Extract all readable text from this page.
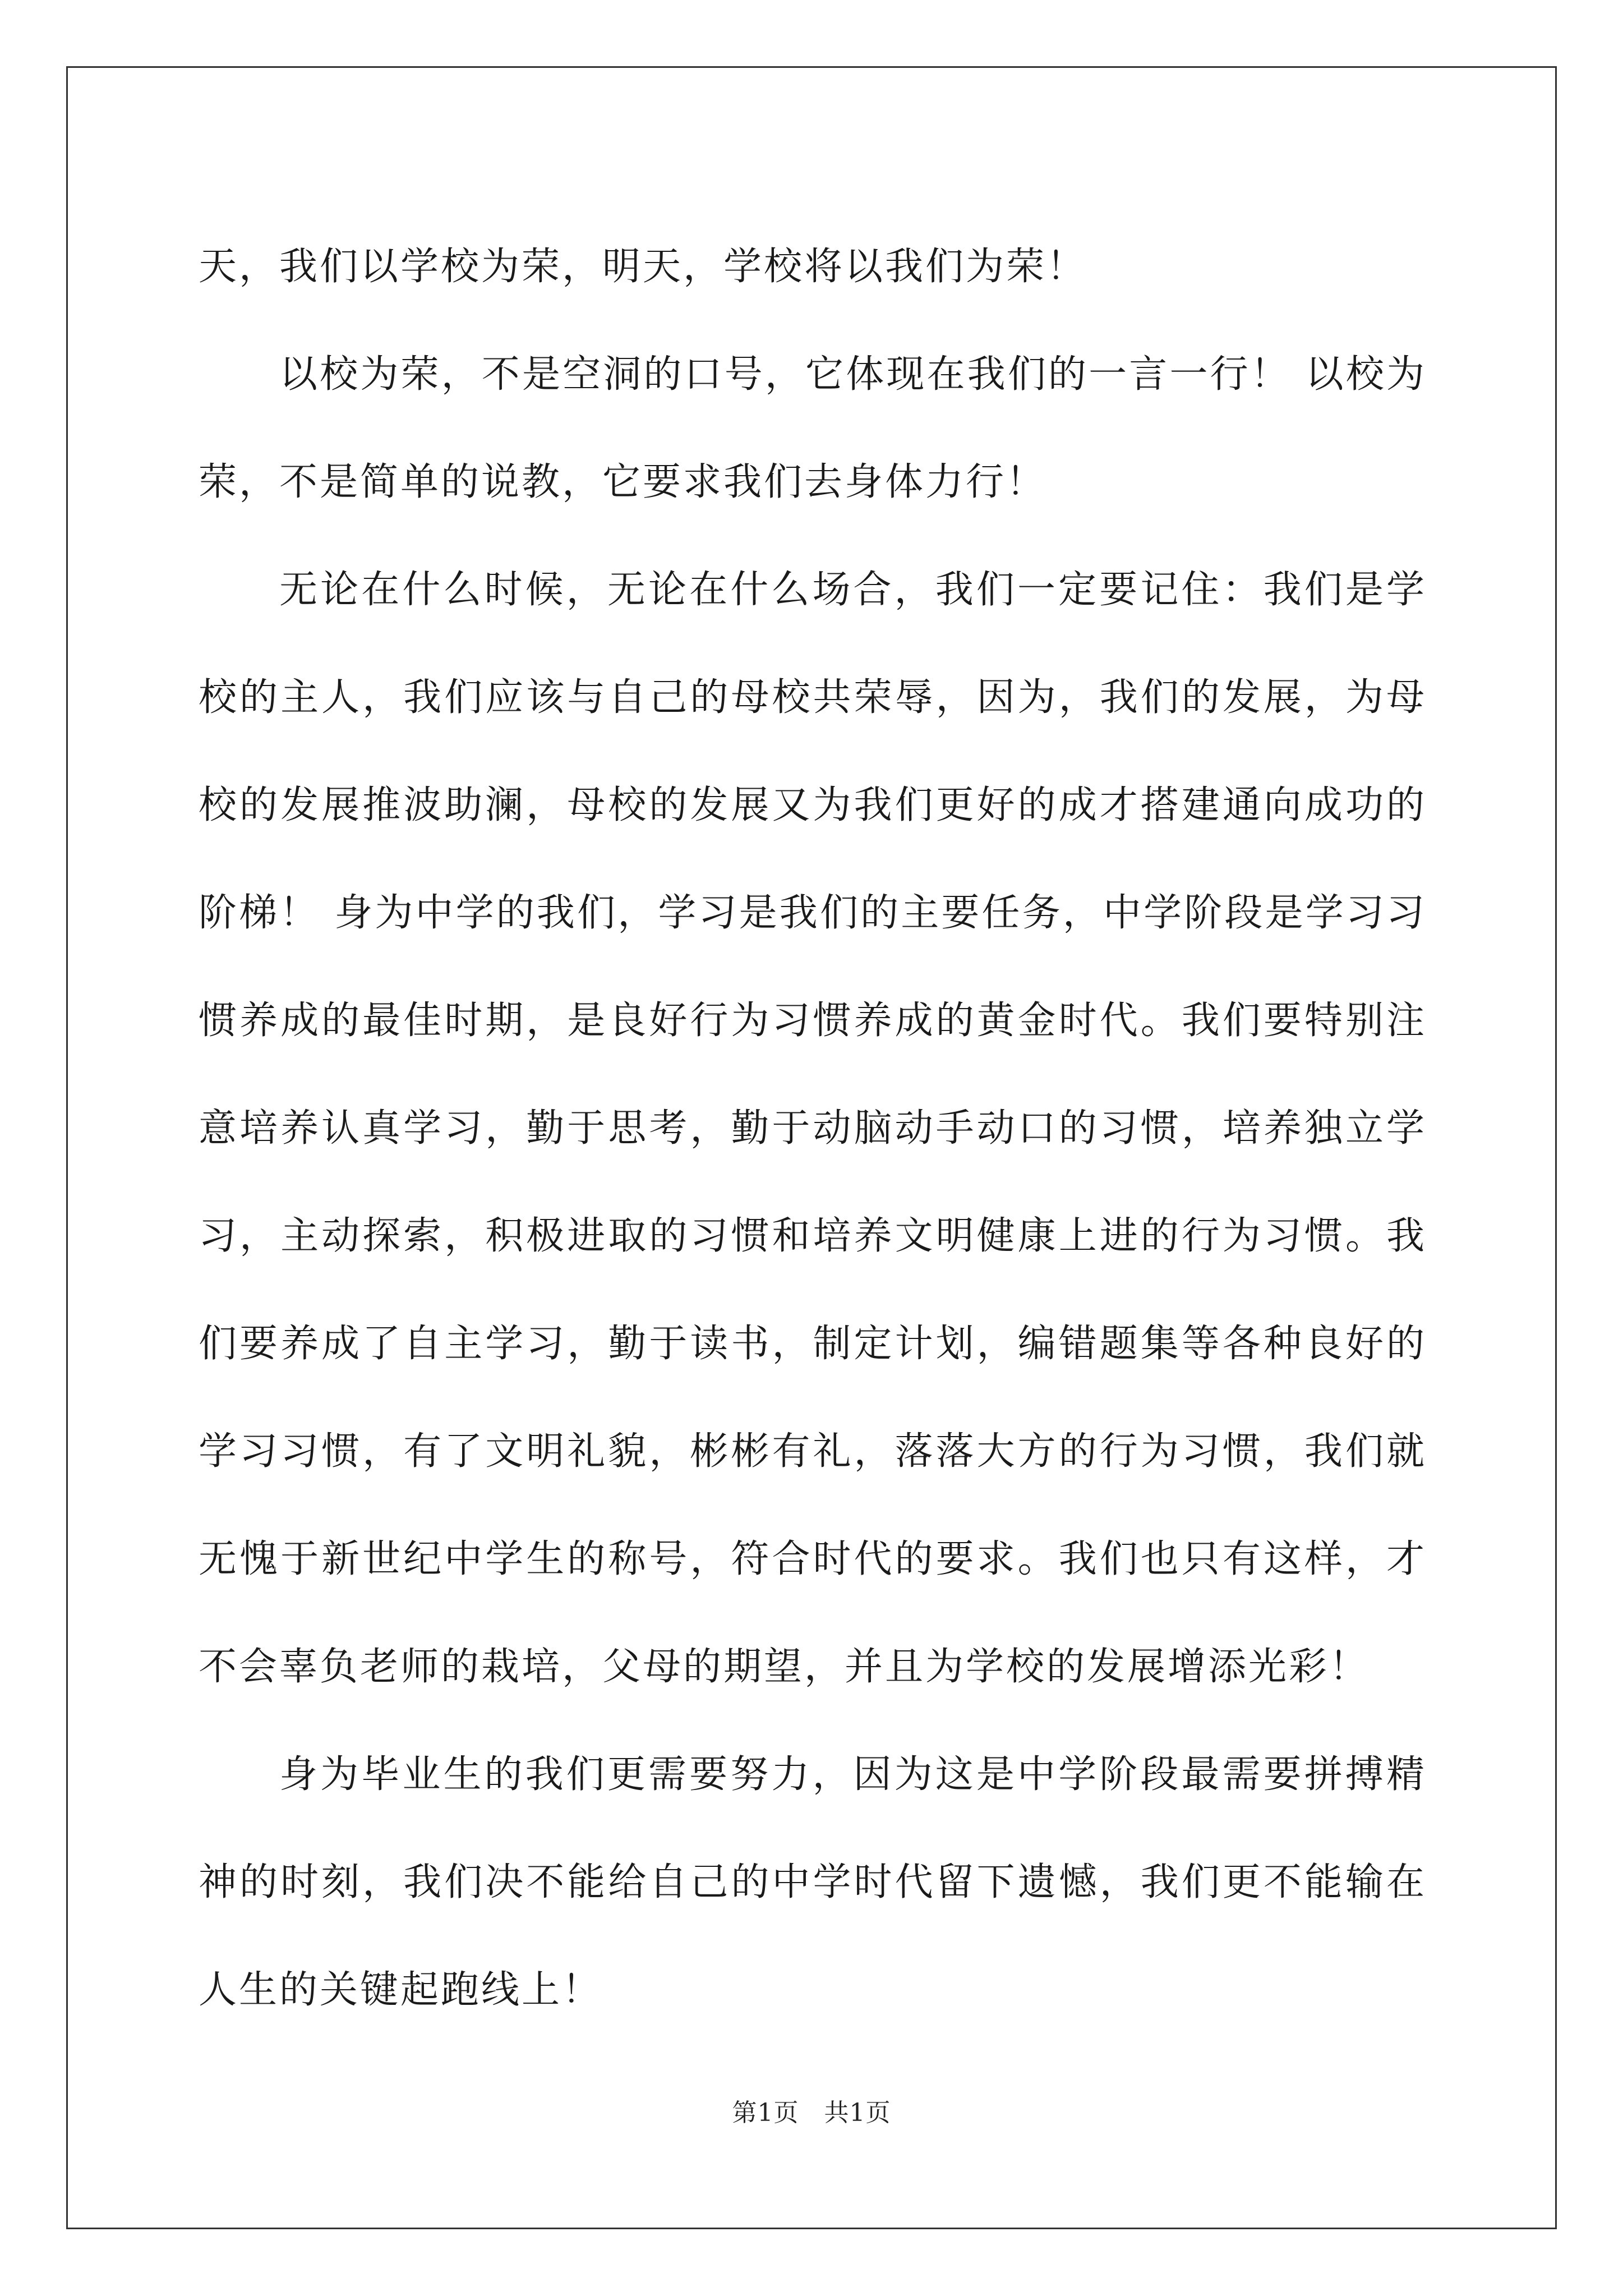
天，我们以学校为荣，明天，学校将以我们为荣！

以校为荣，不是空洞的口号，它体现在我们的一言一行！ 以校为荣，不是简单的说教，它要求我们去身体力行！

无论在什么时候，无论在什么场合，我们一定要记住：我们是学校的主人，我们应该与自己的母校共荣辱，因为，我们的发展，为母校的发展推波助澜，母校的发展又为我们更好的成才搭建通向成功的阶梯！ 身为中学的我们，学习是我们的主要任务，中学阶段是学习习惯养成的最佳时期，是良好行为习惯养成的黄金时代。我们要特别注意培养认真学习，勤于思考，勤于动脑动手动口的习惯，培养独立学习，主动探索，积极进取的习惯和培养文明健康上进的行为习惯。我们要养成了自主学习，勤于读书，制定计划，编错题集等各种良好的学习习惯，有了文明礼貌，彬彬有礼，落落大方的行为习惯，我们就无愧于新世纪中学生的称号，符合时代的要求。我们也只有这样，才不会辜负老师的栽培，父母的期望，并且为学校的发展增添光彩！

身为毕业生的我们更需要努力，因为这是中学阶段最需要拼搏精神的时刻，我们决不能给自己的中学时代留下遗憾，我们更不能输在人生的关键起跑线上！

第1页 共1页
